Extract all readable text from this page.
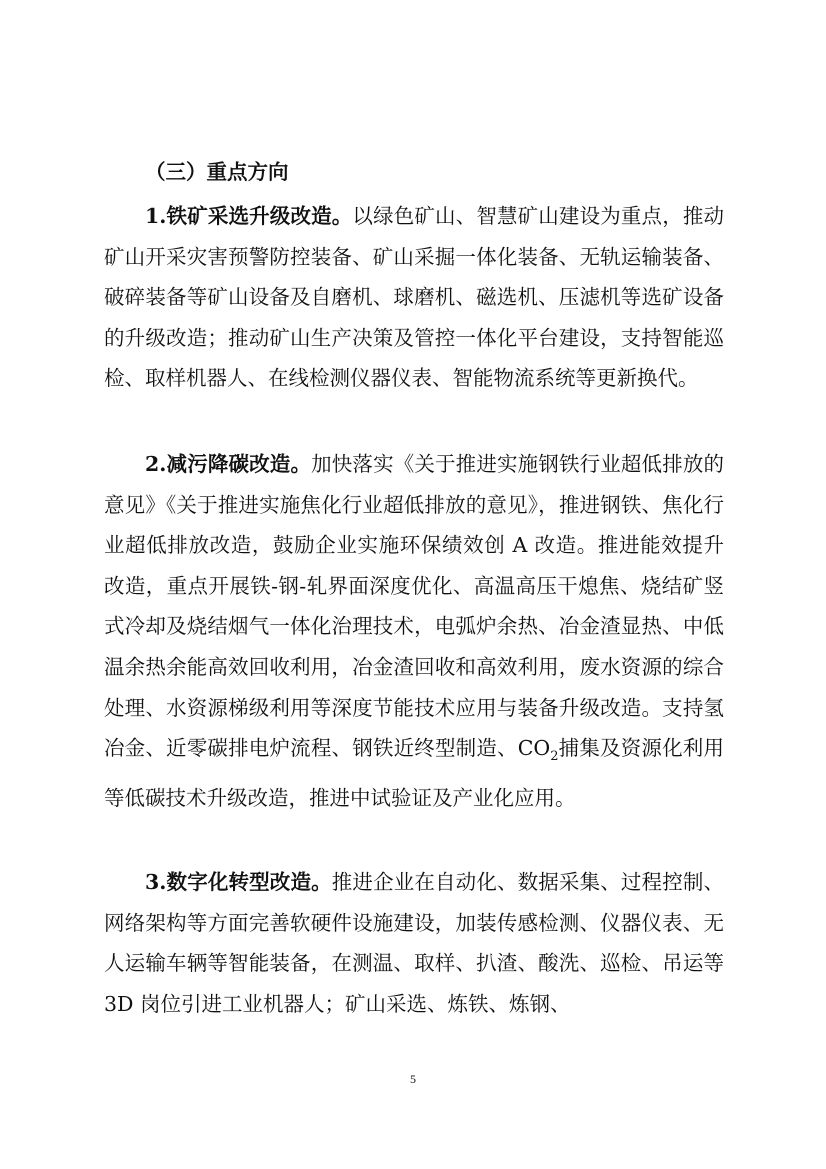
（三）重点方向

1.铁矿采选升级改造。以绿色矿山、智慧矿山建设为重点，推动矿山开采灾害预警防控装备、矿山采掘一体化装备、无轨运输装备、破碎装备等矿山设备及自磨机、球磨机、磁选机、压滤机等选矿设备的升级改造；推动矿山生产决策及管控一体化平台建设，支持智能巡检、取样机器人、在线检测仪器仪表、智能物流系统等更新换代。

2.减污降碳改造。加快落实《关于推进实施钢铁行业超低排放的意见》《关于推进实施焦化行业超低排放的意见》，推进钢铁、焦化行业超低排放改造，鼓励企业实施环保绩效创 A 改造。推进能效提升改造，重点开展铁-钢-轧界面深度优化、高温高压干熄焦、烧结矿竖式冷却及烧结烟气一体化治理技术，电弧炉余热、冶金渣显热、中低温余热余能高效回收利用，冶金渣回收和高效利用，废水资源的综合处理、水资源梯级利用等深度节能技术应用与装备升级改造。支持氢冶金、近零碳排电炉流程、钢铁近终型制造、$CO_2$捕集及资源化利用等低碳技术升级改造，推进中试验证及产业化应用。

3.数字化转型改造。推进企业在自动化、数据采集、过程控制、网络架构等方面完善软硬件设施建设，加装传感检测、仪器仪表、无人运输车辆等智能装备，在测温、取样、扒渣、酸洗、巡检、吊运等 3D 岗位引进工业机器人；矿山采选、炼铁、炼钢、

5
